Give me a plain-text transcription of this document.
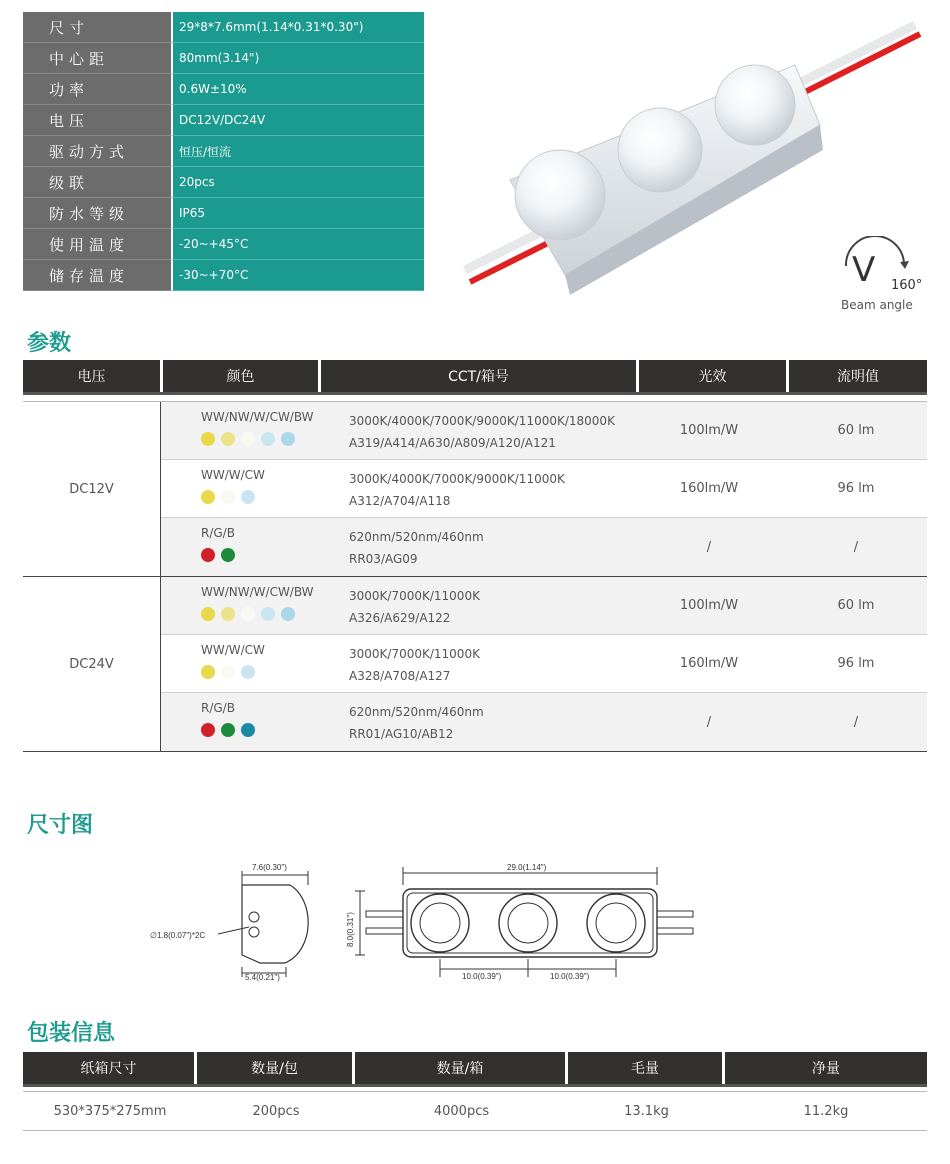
尺寸	29*8*7.6mm(1.14*0.31*0.30")
中心距	80mm(3.14")
功率	0.6W±10%
电压	DC12V/DC24V
驱动方式	恒压/恒流
级联	20pcs
防水等级	IP65
使用温度	-20~+45°C
储存温度	-30~+70°C	V 160°
Beam angle
参数
电压	颜色	CCT/箱号	光效	流明值
DC12V
WW/NW/W/CW/BW	3000K/4000K/7000K/9000K/11000K/18000K
A319/A414/A630/A809/A120/A121
100lm/W	60 lm
WW/W/CW	3000K/4000K/7000K/9000K/11000K
A312/A704/A118
160lm/W	96 lm
R/G/B	620nm/520nm/460nm
RR03/AG09
/	/
DC24V
WW/NW/W/CW/BW	3000K/7000K/11000K
A326/A629/A122
100lm/W	60 lm
WW/W/CW	3000K/7000K/11000K
A328/A708/A127
160lm/W	96 lm
R/G/B	620nm/520nm/460nm
RR01/AG10/AB12
/	/
尺寸图
7.6(0.30")
∅1.8(0.07")*2C
5.4(0.21")
29.0(1.14")
8.0(0.31")
10.0(0.39")	10.0(0.39")
包装信息
纸箱尺寸	数量/包	数量/箱	毛量	净量
530*375*275mm	200pcs	4000pcs	13.1kg	11.2kg
